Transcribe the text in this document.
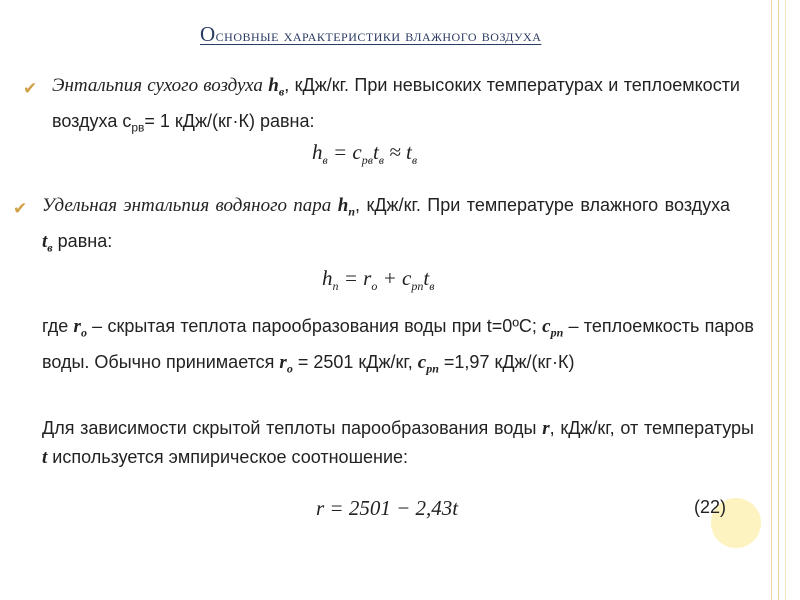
Основные характеристики влажного воздуха
✔ Энтальпия сухого воздуха $h_в$, кДж/кг. При невысоких температурах и теплоемкости воздуха $с_{рв}= 1$ кДж/(кг·К) равна:
$h_в = c_{рв}t_в \approx t_в$
✔ Удельная энтальпия водяного пара $h_п$, кДж/кг. При температуре влажного воздуха $t_в$ равна:
$h_п = r_о + c_{рп}t_в$
где $r_о$ – скрытая теплота парообразования воды при t=0ºC; $c_{рп}$ – теплоемкость паров воды. Обычно принимается $r_о = 2501$ кДж/кг, $c_{рп} =1,97$ кДж/(кг·К)
Для зависимости скрытой теплоты парообразования воды r, кДж/кг, от температуры t используется эмпирическое соотношение:
r = 2501 − 2,43t	(22)
